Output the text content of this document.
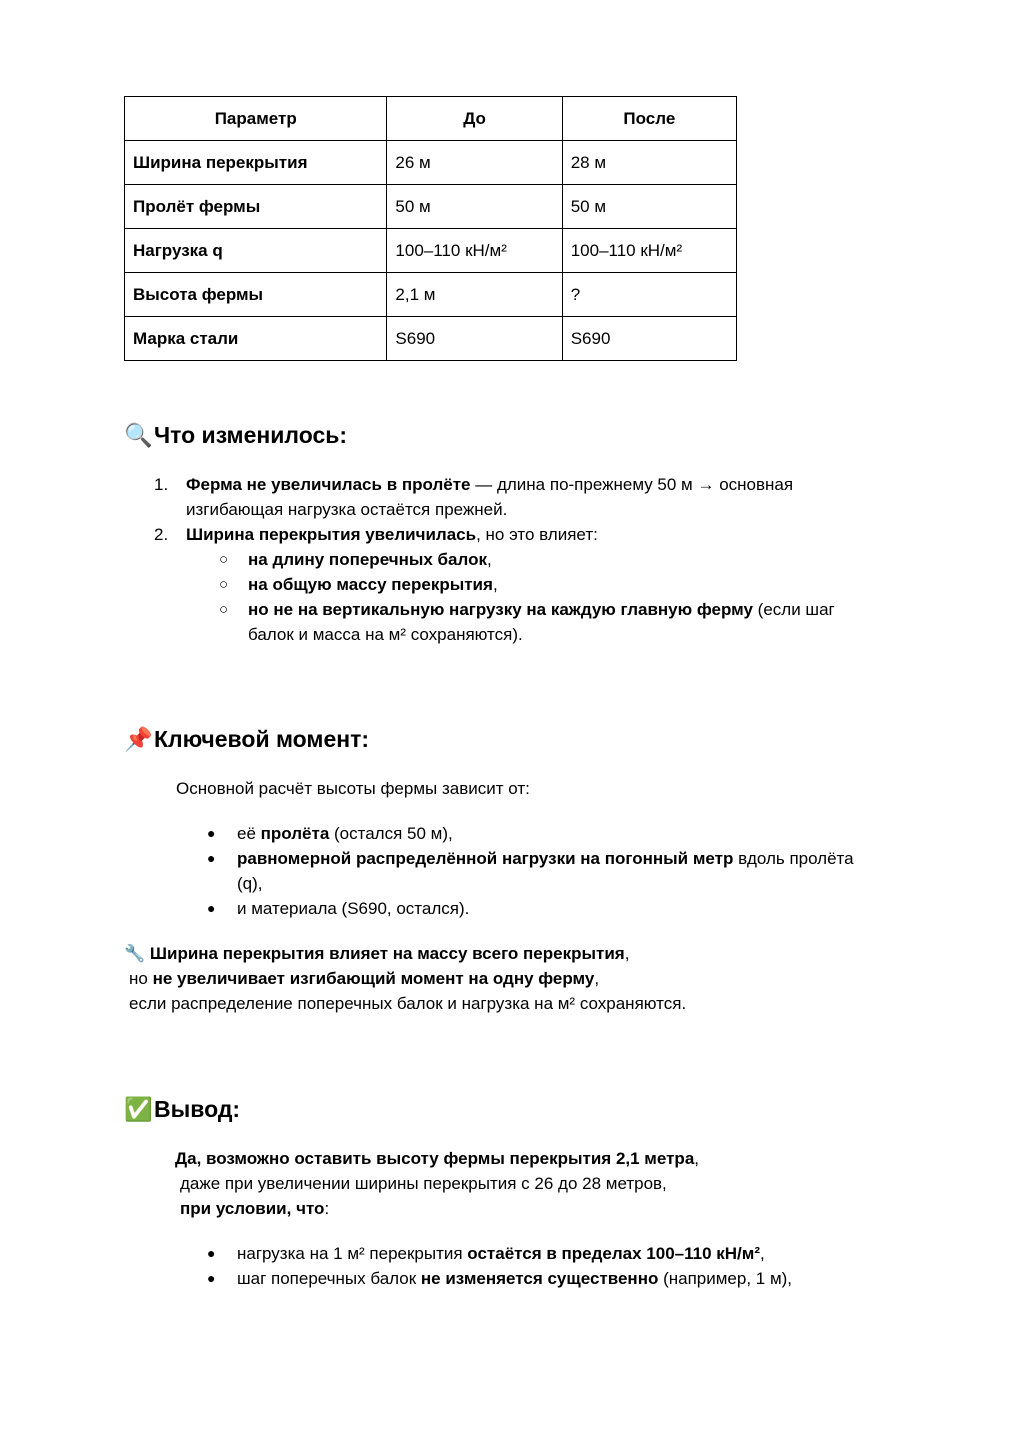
Параметр	До	После
Ширина перекрытия	26 м	28 м
Пролёт фермы	50 м	50 м
Нагрузка q	100–110 кН/м²	100–110 кН/м²
Высота фермы	2,1 м	?
Марка стали	S690	S690
🔍Что изменилось:
1. Ферма не увеличилась в пролёте — длина по-прежнему 50 м → основная изгибающая нагрузка остаётся прежней.
2. Ширина перекрытия увеличилась, но это влияет:
○ на длину поперечных балок,
○ на общую массу перекрытия,
○ но не на вертикальную нагрузку на каждую главную ферму (если шаг балок и масса на м² сохраняются).
📌Ключевой момент:

Основной расчёт высоты фермы зависит от:

● её пролёта (остался 50 м),
● равномерной распределённой нагрузки на погонный метр вдоль пролёта (q),
● и материала (S690, остался).

🔧 Ширина перекрытия влияет на массу всего перекрытия,

но не увеличивает изгибающий момент на одну ферму,

если распределение поперечных балок и нагрузка на м² сохраняются.

✅Вывод:

Да, возможно оставить высоту фермы перекрытия 2,1 метра,

даже при увеличении ширины перекрытия с 26 до 28 метров,

при условии, что:

● нагрузка на 1 м² перекрытия остаётся в пределах 100–110 кН/м²,
● шаг поперечных балок не изменяется существенно (например, 1 м),
